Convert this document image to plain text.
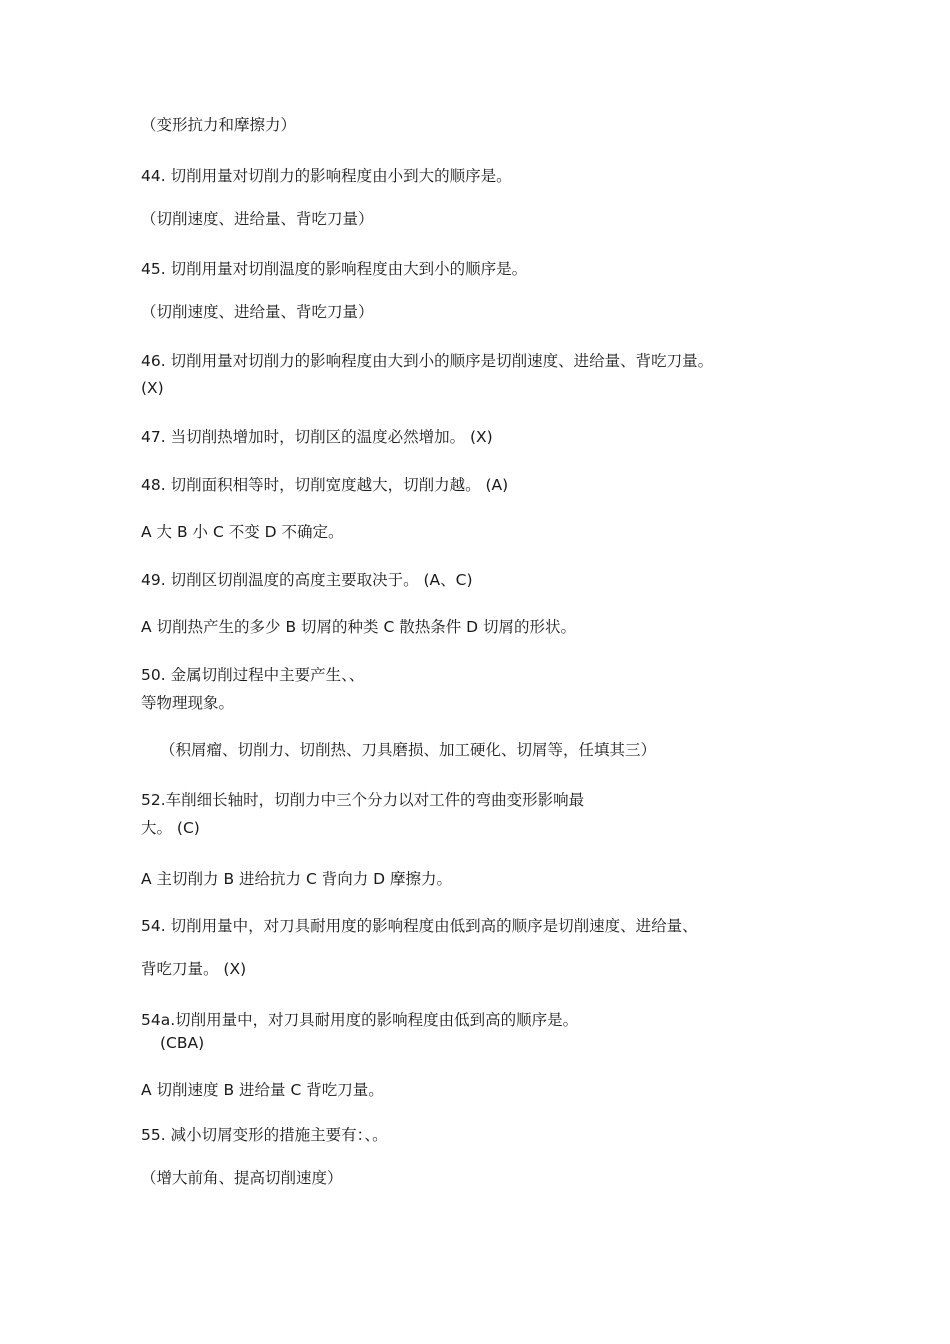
（变形抗力和摩擦力）
44. 切削用量对切削力的影响程度由小到大的顺序是。
（切削速度、进给量、背吃刀量）
45. 切削用量对切削温度的影响程度由大到小的顺序是。
（切削速度、进给量、背吃刀量）
46. 切削用量对切削力的影响程度由大到小的顺序是切削速度、进给量、背吃刀量。
(X)
47. 当切削热增加时，切削区的温度必然增加。 (X)
48. 切削面积相等时，切削宽度越大，切削力越。 (A)
A 大 B 小 C 不变 D 不确定。
49. 切削区切削温度的高度主要取决于。 (A、C)
A 切削热产生的多少 B 切屑的种类 C 散热条件 D 切屑的形状。
50. 金属切削过程中主要产生、、
等物理现象。
（积屑瘤、切削力、切削热、刀具磨损、加工硬化、切屑等，任填其三）
52.车削细长轴时，切削力中三个分力以对工件的弯曲变形影响最
大。 (C)
A 主切削力 B 进给抗力 C 背向力 D 摩擦力。
54. 切削用量中，对刀具耐用度的影响程度由低到高的顺序是切削速度、进给量、
背吃刀量。 (X)
54a.切削用量中，对刀具耐用度的影响程度由低到高的顺序是。
(CBA)
A 切削速度 B 进给量 C 背吃刀量。
55. 减小切屑变形的措施主要有：、。
（增大前角、提高切削速度）
